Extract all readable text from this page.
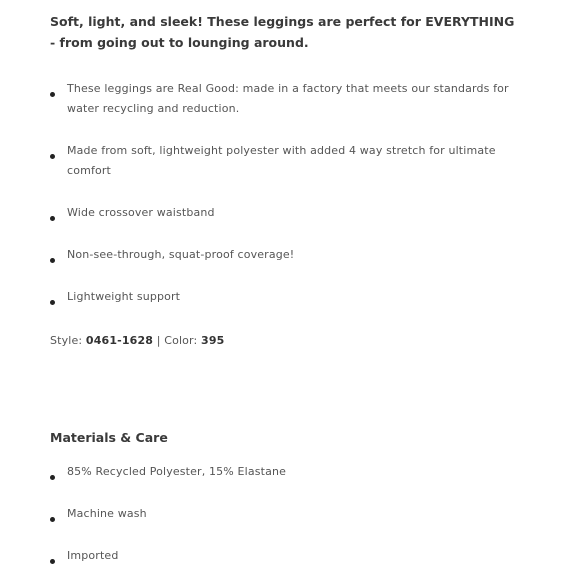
Soft, light, and sleek! These leggings are perfect for EVERYTHING - from going out to lounging around.

These leggings are Real Good: made in a factory that meets our standards for water recycling and reduction.
Made from soft, lightweight polyester with added 4 way stretch for ultimate comfort
Wide crossover waistband
Non-see-through, squat-proof coverage!
Lightweight support

Style: 0461-1628 | Color: 395

Materials & Care
85% Recycled Polyester, 15% Elastane
Machine wash
Imported
